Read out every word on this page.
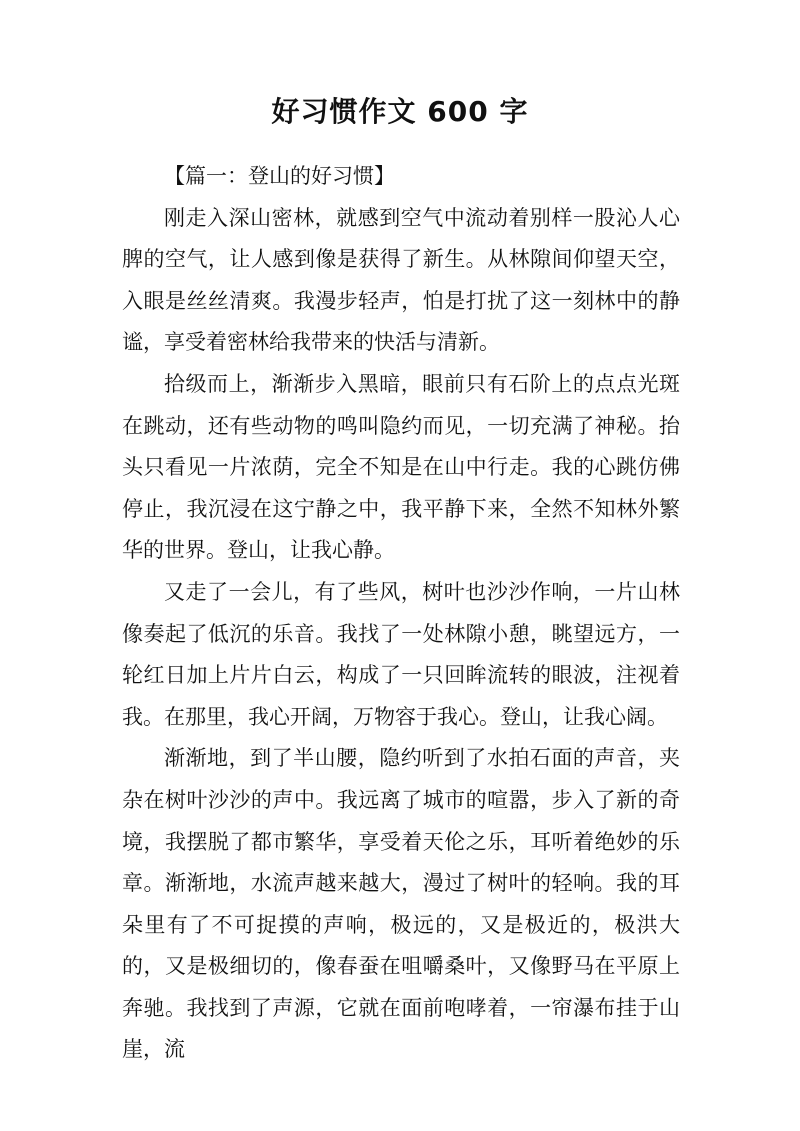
好习惯作文 600 字

【篇一：登山的好习惯】

刚走入深山密林，就感到空气中流动着别样一股沁人心脾的空气，让人感到像是获得了新生。从林隙间仰望天空，入眼是丝丝清爽。我漫步轻声，怕是打扰了这一刻林中的静谧，享受着密林给我带来的快活与清新。

拾级而上，渐渐步入黑暗，眼前只有石阶上的点点光斑在跳动，还有些动物的鸣叫隐约而见，一切充满了神秘。抬头只看见一片浓荫，完全不知是在山中行走。我的心跳仿佛停止，我沉浸在这宁静之中，我平静下来，全然不知林外繁华的世界。登山，让我心静。

又走了一会儿，有了些风，树叶也沙沙作响，一片山林像奏起了低沉的乐音。我找了一处林隙小憩，眺望远方，一轮红日加上片片白云，构成了一只回眸流转的眼波，注视着我。在那里，我心开阔，万物容于我心。登山，让我心阔。

渐渐地，到了半山腰，隐约听到了水拍石面的声音，夹杂在树叶沙沙的声中。我远离了城市的喧嚣，步入了新的奇境，我摆脱了都市繁华，享受着天伦之乐，耳听着绝妙的乐章。渐渐地，水流声越来越大，漫过了树叶的轻响。我的耳朵里有了不可捉摸的声响，极远的，又是极近的，极洪大的，又是极细切的，像春蚕在咀嚼桑叶，又像野马在平原上奔驰。我找到了声源，它就在面前咆哮着，一帘瀑布挂于山崖，流
